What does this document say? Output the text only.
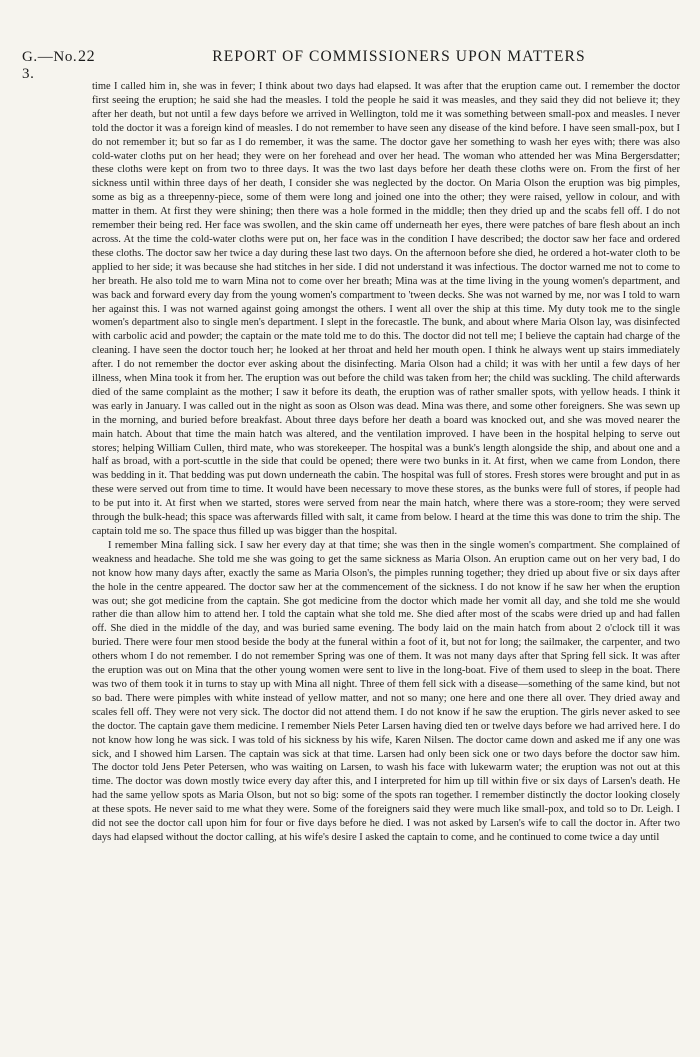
G.—No. 3.
22	REPORT OF COMMISSIONERS UPON MATTERS

time I called him in, she was in fever; I think about two days had elapsed. It was after that the eruption came out. I remember the doctor first seeing the eruption; he said she had the measles. I told the people he said it was measles, and they said they did not believe it; they after her death, but not until a few days before we arrived in Wellington, told me it was something between small-pox and measles. I never told the doctor it was a foreign kind of measles. I do not remember to have seen any disease of the kind before. I have seen small-pox, but I do not remember it; but so far as I do remember, it was the same. The doctor gave her something to wash her eyes with; there was also cold-water cloths put on her head; they were on her forehead and over her head. The woman who attended her was Mina Bergersdatter; these cloths were kept on from two to three days. It was the two last days before her death these cloths were on. From the first of her sickness until within three days of her death, I consider she was neglected by the doctor. On Maria Olson the eruption was big pimples, some as big as a threepenny-piece, some of them were long and joined one into the other; they were raised, yellow in colour, and with matter in them. At first they were shining; then there was a hole formed in the middle; then they dried up and the scabs fell off. I do not remember their being red. Her face was swollen, and the skin came off underneath her eyes, there were patches of bare flesh about an inch across. At the time the cold-water cloths were put on, her face was in the condition I have described; the doctor saw her face and ordered these cloths. The doctor saw her twice a day during these last two days. On the afternoon before she died, he ordered a hot-water cloth to be applied to her side; it was because she had stitches in her side. I did not understand it was infectious. The doctor warned me not to come to her breath. He also told me to warn Mina not to come over her breath; Mina was at the time living in the young women's department, and was back and forward every day from the young women's compartment to 'tween decks. She was not warned by me, nor was I told to warn her against this. I was not warned against going amongst the others. I went all over the ship at this time. My duty took me to the single women's department also to single men's department. I slept in the forecastle. The bunk, and about where Maria Olson lay, was disinfected with carbolic acid and powder; the captain or the mate told me to do this. The doctor did not tell me; I believe the captain had charge of the cleaning. I have seen the doctor touch her; he looked at her throat and held her mouth open. I think he always went up stairs immediately after. I do not remember the doctor ever asking about the disinfecting. Maria Olson had a child; it was with her until a few days of her illness, when Mina took it from her. The eruption was out before the child was taken from her; the child was suckling. The child afterwards died of the same complaint as the mother; I saw it before its death, the eruption was of rather smaller spots, with yellow heads. I think it was early in January. I was called out in the night as soon as Olson was dead. Mina was there, and some other foreigners. She was sewn up in the morning, and buried before breakfast. About three days before her death a board was knocked out, and she was moved nearer the main hatch. About that time the main hatch was altered, and the ventilation improved. I have been in the hospital helping to serve out stores; helping William Cullen, third mate, who was storekeeper. The hospital was a bunk's length alongside the ship, and about one and a half as broad, with a port-scuttle in the side that could be opened; there were two bunks in it. At first, when we came from London, there was bedding in it. That bedding was put down underneath the cabin. The hospital was full of stores. Fresh stores were brought and put in as these were served out from time to time. It would have been necessary to move these stores, as the bunks were full of stores, if people had to be put into it. At first when we started, stores were served from near the main hatch, where there was a store-room; they were served through the bulk-head; this space was afterwards filled with salt, it came from below. I heard at the time this was done to trim the ship. The captain told me so. The space thus filled up was bigger than the hospital.

I remember Mina falling sick. I saw her every day at that time; she was then in the single women's compartment. She complained of weakness and headache. She told me she was going to get the same sickness as Maria Olson. An eruption came out on her very bad, I do not know how many days after, exactly the same as Maria Olson's, the pimples running together; they dried up about five or six days after the hole in the centre appeared. The doctor saw her at the commencement of the sickness. I do not know if he saw her when the eruption was out; she got medicine from the captain. She got medicine from the doctor which made her vomit all day, and she told me she would rather die than allow him to attend her. I told the captain what she told me. She died after most of the scabs were dried up and had fallen off. She died in the middle of the day, and was buried same evening. The body laid on the main hatch from about 2 o'clock till it was buried. There were four men stood beside the body at the funeral within a foot of it, but not for long; the sailmaker, the carpenter, and two others whom I do not remember. I do not remember Spring was one of them. It was not many days after that Spring fell sick. It was after the eruption was out on Mina that the other young women were sent to live in the long-boat. Five of them used to sleep in the boat. There was two of them took it in turns to stay up with Mina all night. Three of them fell sick with a disease—something of the same kind, but not so bad. There were pimples with white instead of yellow matter, and not so many; one here and one there all over. They dried away and scales fell off. They were not very sick. The doctor did not attend them. I do not know if he saw the eruption. The girls never asked to see the doctor. The captain gave them medicine. I remember Niels Peter Larsen having died ten or twelve days before we had arrived here. I do not know how long he was sick. I was told of his sickness by his wife, Karen Nilsen. The doctor came down and asked me if any one was sick, and I showed him Larsen. The captain was sick at that time. Larsen had only been sick one or two days before the doctor saw him. The doctor told Jens Peter Petersen, who was waiting on Larsen, to wash his face with lukewarm water; the eruption was not out at this time. The doctor was down mostly twice every day after this, and I interpreted for him up till within five or six days of Larsen's death. He had the same yellow spots as Maria Olson, but not so big: some of the spots ran together. I remember distinctly the doctor looking closely at these spots. He never said to me what they were. Some of the foreigners said they were much like small-pox, and told so to Dr. Leigh. I did not see the doctor call upon him for four or five days before he died. I was not asked by Larsen's wife to call the doctor in. After two days had elapsed without the doctor calling, at his wife's desire I asked the captain to come, and he continued to come twice a day until
